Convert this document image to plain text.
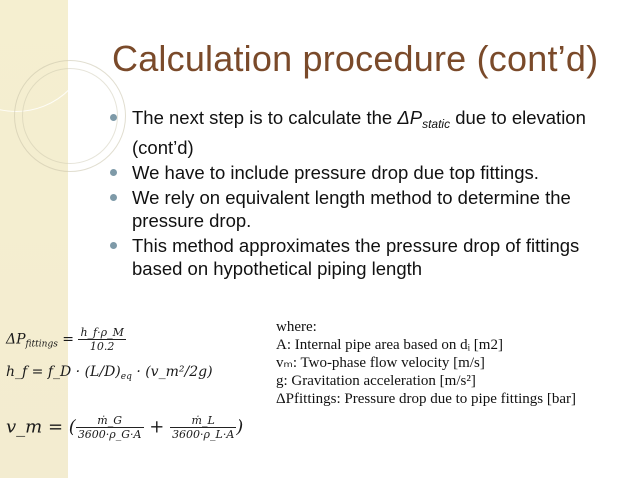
Calculation procedure (cont’d)
The next step is to calculate the $\Delta P_{static}$ due to elevation (cont’d)
We have to include pressure drop due top fittings.
We rely on equivalent length method to determine the pressure drop.
This method approximates the pressure drop of fittings based on hypothetical piping length
$\Delta P_{fittings} = \frac{h\_f\cdot\rho\_M}{10.2}$
h_f = f_D · $(L/D)_{eq}$ · (v_m²/2g)
v_m = ( $\frac{\text{ṁ\_G}}{3600\cdot\rho\_G\cdot A} + \frac{\text{ṁ\_L}}{3600\cdot\rho\_L\cdot A}$ )
where:
A: Internal pipe area based on dᵢ [m2]
vₘ: Two-phase flow velocity [m/s]
g: Gravitation acceleration [m/s²]
ΔPfittings: Pressure drop due to pipe fittings [bar]
